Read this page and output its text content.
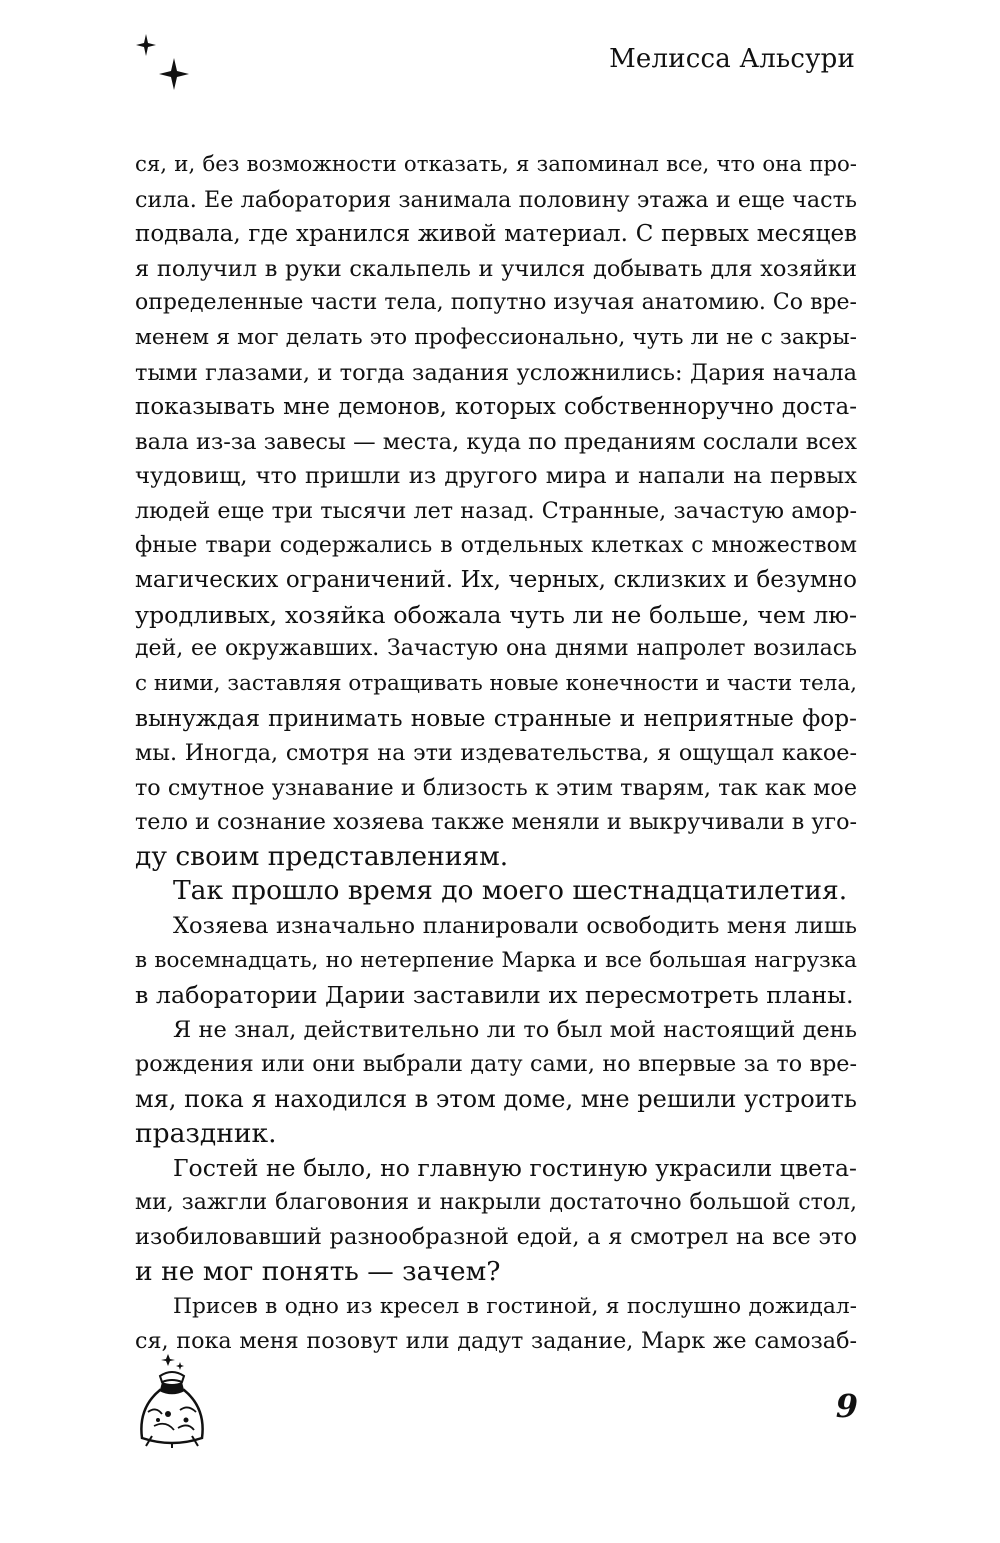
Мелисса Альсури
ся, и, без возможности отказать, я запоминал все, что она про-
сила. Ее лаборатория занимала половину этажа и еще часть
подвала, где хранился живой материал. С первых месяцев
я получил в руки скальпель и учился добывать для хозяйки
определенные части тела, попутно изучая анатомию. Со вре-
менем я мог делать это профессионально, чуть ли не с закры-
тыми глазами, и тогда задания усложнились: Дария начала
показывать мне демонов, которых собственноручно доста-
вала из-за завесы — места, куда по преданиям сослали всех
чудовищ, что пришли из другого мира и напали на первых
людей еще три тысячи лет назад. Странные, зачастую амор-
фные твари содержались в отдельных клетках с множеством
магических ограничений. Их, черных, склизких и безумно
уродливых, хозяйка обожала чуть ли не больше, чем лю-
дей, ее окружавших. Зачастую она днями напролет возилась
с ними, заставляя отращивать новые конечности и части тела,
вынуждая принимать новые странные и неприятные фор-
мы. Иногда, смотря на эти издевательства, я ощущал какое-
то смутное узнавание и близость к этим тварям, так как мое
тело и сознание хозяева также меняли и выкручивали в уго-
ду своим представлениям.
Так прошло время до моего шестнадцатилетия.
Хозяева изначально планировали освободить меня лишь
в восемнадцать, но нетерпение Марка и все большая нагрузка
в лаборатории Дарии заставили их пересмотреть планы.
Я не знал, действительно ли то был мой настоящий день
рождения или они выбрали дату сами, но впервые за то вре-
мя, пока я находился в этом доме, мне решили устроить
праздник.
Гостей не было, но главную гостиную украсили цвета-
ми, зажгли благовония и накрыли достаточно большой стол,
изобиловавший разнообразной едой, а я смотрел на все это
и не мог понять — зачем?
Присев в одно из кресел в гостиной, я послушно дожидал-
ся, пока меня позовут или дадут задание, Марк же самозаб-
9
